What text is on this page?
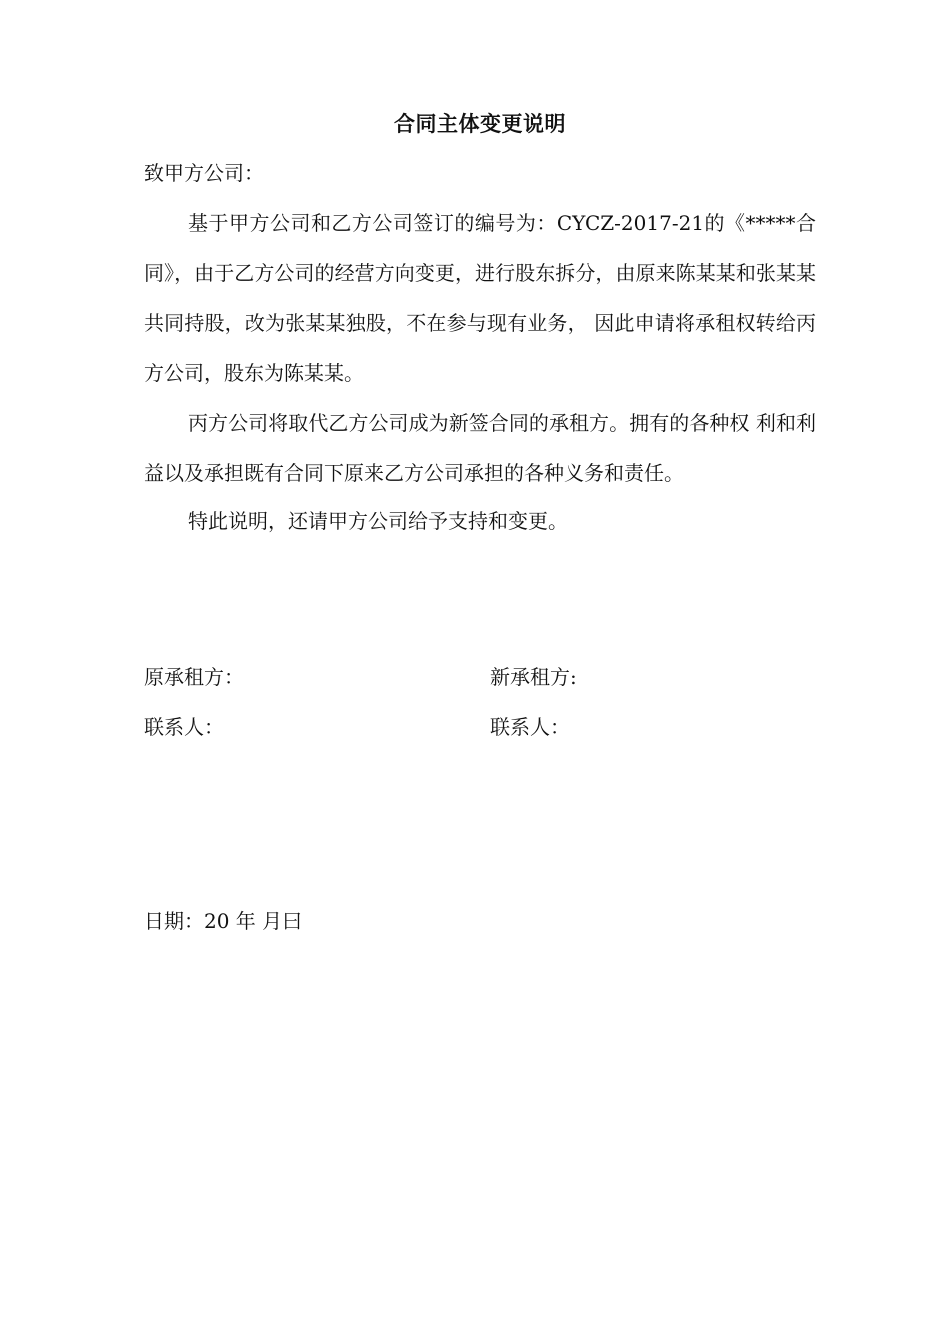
合同主体变更说明
致甲方公司：

基于甲方公司和乙方公司签订的编号为：CYCZ-2017-21的《*****合同》，由于乙方公司的经营方向变更，进行股东拆分，由原来陈某某和张某某共同持股，改为张某某独股，不在参与现有业务， 因此申请将承租权转给丙方公司，股东为陈某某。

丙方公司将取代乙方公司成为新签合同的承租方。拥有的各种权 利和利益以及承担既有合同下原来乙方公司承担的各种义务和责任。

特此说明，还请甲方公司给予支持和变更。

原承租方：
联系人：
新承租方:
联系人：
日期：20 年 月曰
